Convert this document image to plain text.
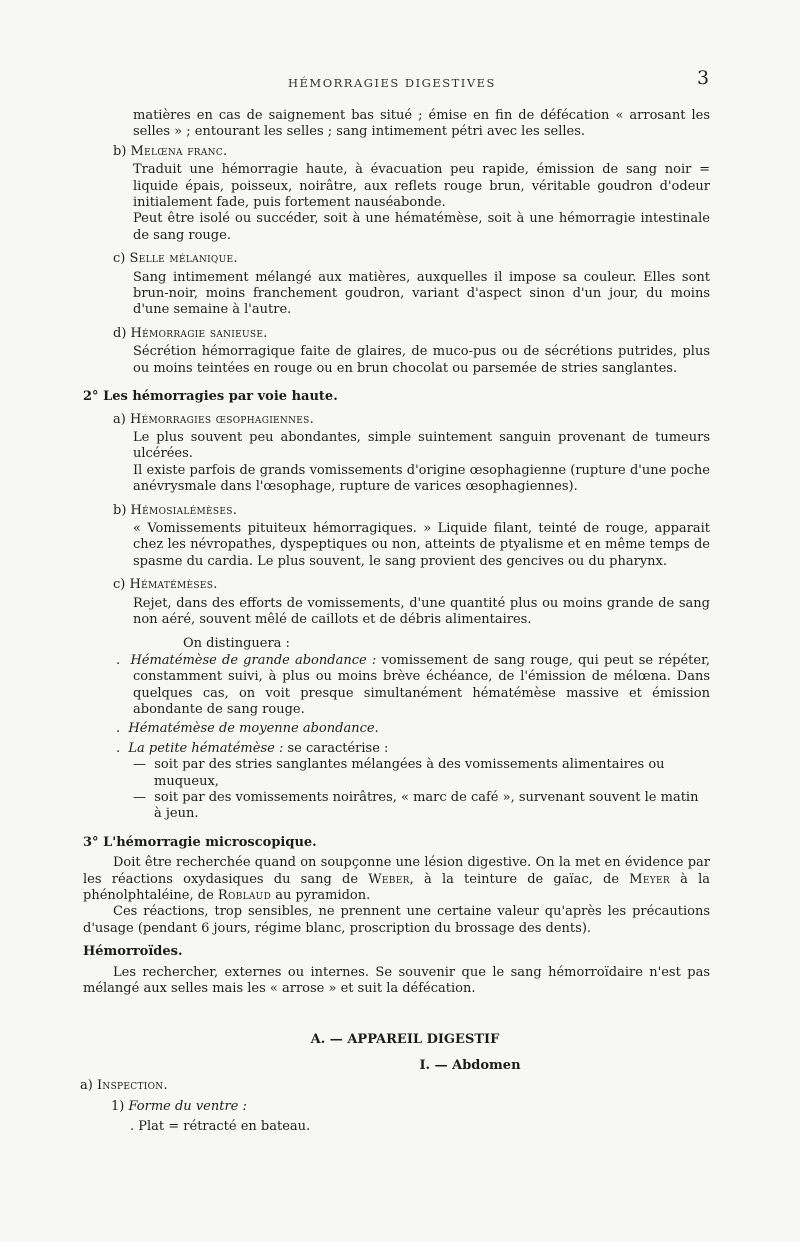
HÉMORRAGIES DIGESTIVES	3

matières en cas de saignement bas situé ; émise en fin de défécation « arrosant les selles » ; entourant les selles ; sang intimement pétri avec les selles.

b) Melœna franc.

Traduit une hémorragie haute, à évacuation peu rapide, émission de sang noir = liquide épais, poisseux, noirâtre, aux reflets rouge brun, véritable goudron d'odeur initialement fade, puis fortement nauséabonde.

Peut être isolé ou succéder, soit à une hématémèse, soit à une hémorragie intestinale de sang rouge.

c) Selle mélanique.

Sang intimement mélangé aux matières, auxquelles il impose sa couleur. Elles sont brun-noir, moins franchement goudron, variant d'aspect sinon d'un jour, du moins d'une semaine à l'autre.

d) Hémorragie sanieuse.

Sécrétion hémorragique faite de glaires, de muco-pus ou de sécrétions putrides, plus ou moins teintées en rouge ou en brun chocolat ou parsemée de stries sanglantes.

2° Les hémorragies par voie haute.

a) Hémorragies œsophagiennes.

Le plus souvent peu abondantes, simple suintement sanguin provenant de tumeurs ulcérées.

Il existe parfois de grands vomissements d'origine œsophagienne (rupture d'une poche anévrysmale dans l'œsophage, rupture de varices œsophagiennes).

b) Hémosialémèses.

« Vomissements pituiteux hémorragiques. » Liquide filant, teinté de rouge, apparait chez les névropathes, dyspeptiques ou non, atteints de ptyalisme et en même temps de spasme du cardia. Le plus souvent, le sang provient des gencives ou du pharynx.

c) Hématémèses.

Rejet, dans des efforts de vomissements, d'une quantité plus ou moins grande de sang non aéré, souvent mêlé de caillots et de débris alimentaires.

On distinguera :

.  Hématémèse de grande abondance : vomissement de sang rouge, qui peut se répéter, constamment suivi, à plus ou moins brève échéance, de l'émission de mélœna. Dans quelques cas, on voit presque simultanément hématémèse massive et émission abondante de sang rouge.

.  Hématémèse de moyenne abondance.

.  La petite hématémèse : se caractérise :

—  soit par des stries sanglantes mélangées à des vomissements alimentaires ou muqueux,

—  soit par des vomissements noirâtres, « marc de café », survenant souvent le matin à jeun.

3° L'hémorragie microscopique.

Doit être recherchée quand on soupçonne une lésion digestive. On la met en évidence par les réactions oxydasiques du sang de Weber, à la teinture de gaïac, de Meyer à la phénolphtaléine, de Roblaud au pyramidon.

Ces réactions, trop sensibles, ne prennent une certaine valeur qu'après les précautions d'usage (pendant 6 jours, régime blanc, proscription du brossage des dents).

Hémorroïdes.

Les rechercher, externes ou internes. Se souvenir que le sang hémorroïdaire n'est pas mélangé aux selles mais les « arrose » et suit la défécation.

A. — APPAREIL DIGESTIF

I. — Abdomen

a) Inspection.
1) Forme du ventre :

. Plat = rétracté en bateau.
